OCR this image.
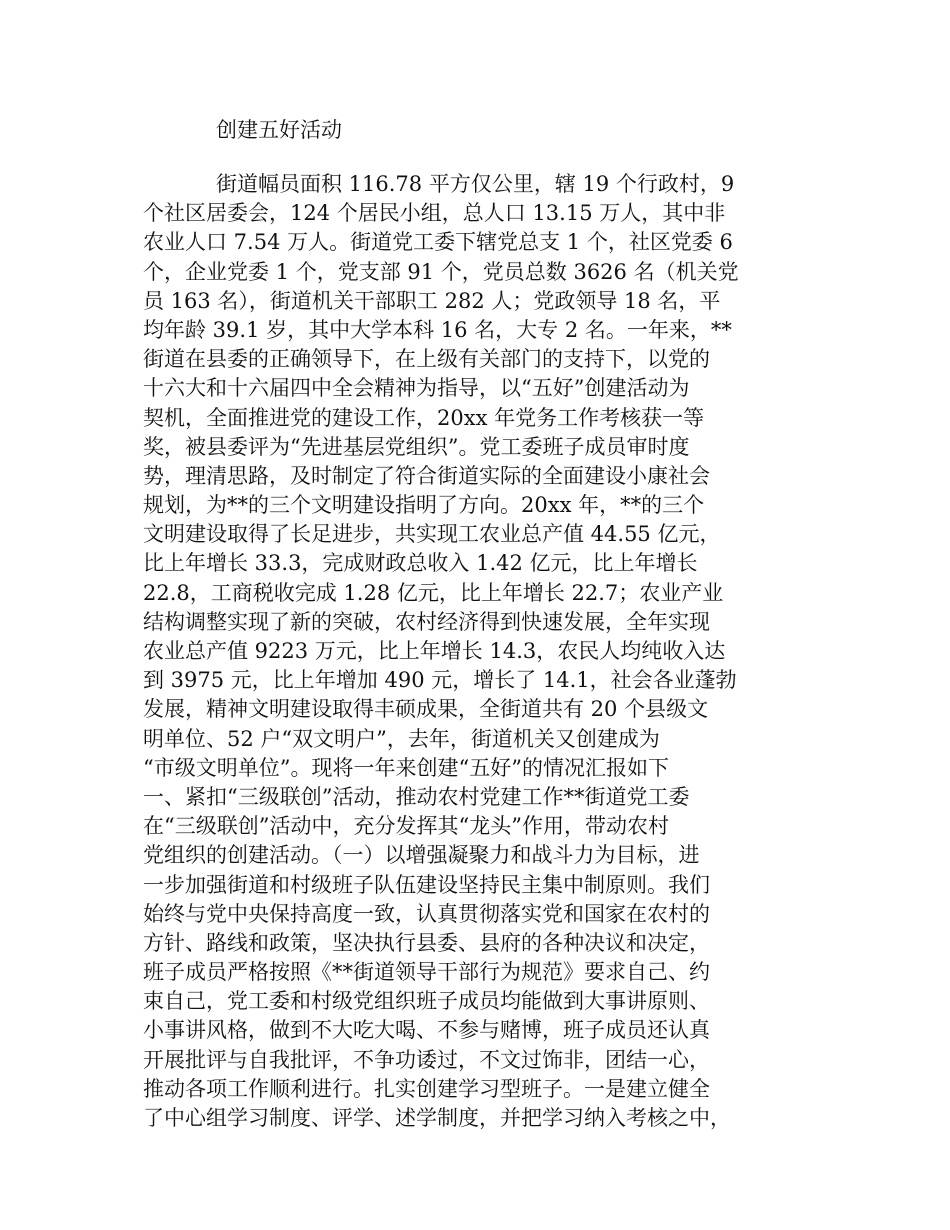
创建五好活动
街道幅员面积 116.78 平方仅公里，辖 19 个行政村，9
个社区居委会，124 个居民小组，总人口 13.15 万人，其中非
农业人口 7.54 万人。街道党工委下辖党总支 1 个，社区党委 6
个，企业党委 1 个，党支部 91 个，党员总数 3626 名（机关党
员 163 名），街道机关干部职工 282 人；党政领导 18 名，平
均年龄 39.1 岁，其中大学本科 16 名，大专 2 名。一年来，**
街道在县委的正确领导下，在上级有关部门的支持下，以党的
十六大和十六届四中全会精神为指导，以“五好”创建活动为
契机，全面推进党的建设工作，20xx 年党务工作考核获一等
奖，被县委评为“先进基层党组织”。党工委班子成员审时度
势，理清思路，及时制定了符合街道实际的全面建设小康社会
规划，为**的三个文明建设指明了方向。20xx 年，**的三个
文明建设取得了长足进步，共实现工农业总产值 44.55 亿元，
比上年增长 33.3，完成财政总收入 1.42 亿元，比上年增长
22.8，工商税收完成 1.28 亿元，比上年增长 22.7；农业产业
结构调整实现了新的突破，农村经济得到快速发展，全年实现
农业总产值 9223 万元，比上年增长 14.3，农民人均纯收入达
到 3975 元，比上年增加 490 元，增长了 14.1，社会各业蓬勃
发展，精神文明建设取得丰硕成果，全街道共有 20 个县级文
明单位、52 户“双文明户”，去年，街道机关又创建成为
“市级文明单位”。现将一年来创建“五好”的情况汇报如下
一、紧扣“三级联创”活动，推动农村党建工作**街道党工委
在“三级联创”活动中，充分发挥其“龙头”作用，带动农村
党组织的创建活动。（一）以增强凝聚力和战斗力为目标，进
一步加强街道和村级班子队伍建设坚持民主集中制原则。我们
始终与党中央保持高度一致，认真贯彻落实党和国家在农村的
方针、路线和政策，坚决执行县委、县府的各种决议和决定，
班子成员严格按照《**街道领导干部行为规范》要求自己、约
束自己，党工委和村级党组织班子成员均能做到大事讲原则、
小事讲风格，做到不大吃大喝、不参与赌博，班子成员还认真
开展批评与自我批评，不争功诿过，不文过饰非，团结一心，
推动各项工作顺利进行。扎实创建学习型班子。一是建立健全
了中心组学习制度、评学、述学制度，并把学习纳入考核之中，
